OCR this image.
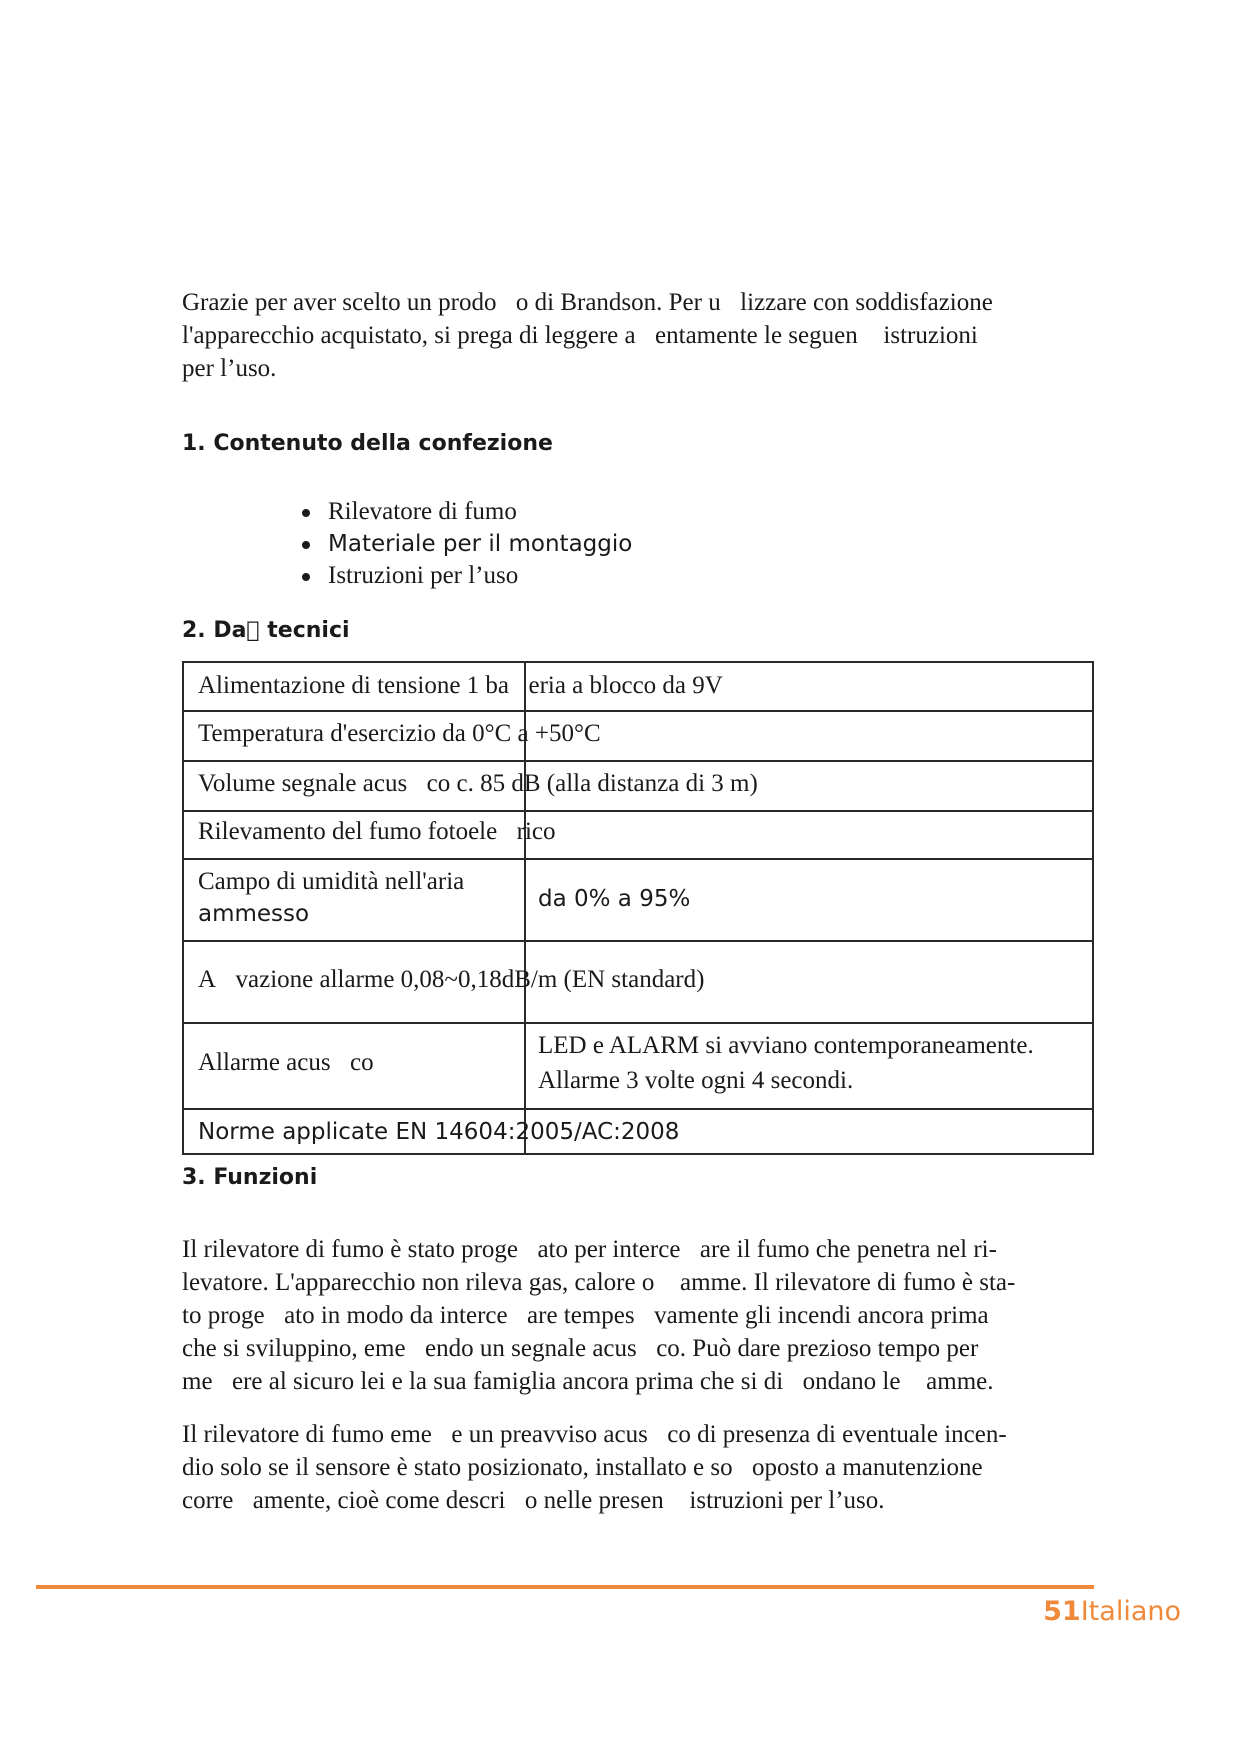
Grazie per aver scelto un prodo o di Brandson. Per u lizzare con soddisfazione
l'apparecchio acquistato, si prega di leggere a entamente le seguen  istruzioni
per l’uso.
1. Contenuto della confezione
Rilevatore di fumo
Materiale per il montaggio
Istruzioni per l’uso
2. Da  tecnici
Alimentazione di tensione 1 ba eria a blocco da 9V
Temperatura d'esercizio da 0°C a +50°C
Volume segnale acus co c. 85 dB (alla distanza di 3 m)
Rilevamento del fumo fotoele rico
Campo di umidità nell'aria
ammesso
da 0% a 95%
A vazione allarme 0,08~0,18dB/m (EN standard)
Allarme acus co
LED e ALARM si avviano contemporaneamente.
Allarme 3 volte ogni 4 secondi.
Norme applicate EN 14604:2005/AC:2008
3. Funzioni
Il rilevatore di fumo è stato proge ato per interce are il fumo che penetra nel ri-
levatore. L'apparecchio non rileva gas, calore o  amme. Il rilevatore di fumo è sta-
to proge ato in modo da interce are tempes vamente gli incendi ancora prima
che si sviluppino, eme endo un segnale acus co. Può dare prezioso tempo per
me ere al sicuro lei e la sua famiglia ancora prima che si di ondano le  amme.
Il rilevatore di fumo eme e un preavviso acus co di presenza di eventuale incen-
dio solo se il sensore è stato posizionato, installato e so oposto a manutenzione
corre amente, cioè come descri o nelle presen  istruzioni per l’uso.
51Italiano
